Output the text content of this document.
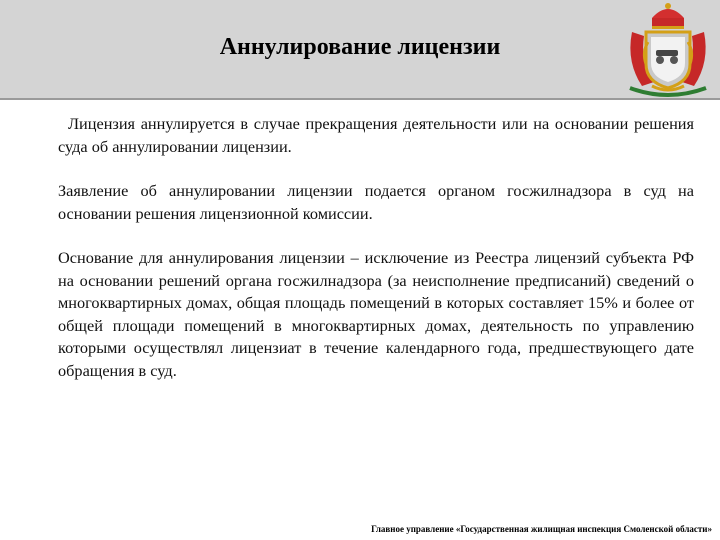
Аннулирование лицензии

Лицензия аннулируется в случае прекращения деятельности или на основании решения суда об аннулировании лицензии.

Заявление об аннулировании лицензии подается органом госжилнадзора в суд на основании решения лицензионной комиссии.

Основание для аннулирования лицензии – исключение из Реестра лицензий субъекта РФ на основании решений органа госжилнадзора (за неисполнение предписаний) сведений о многоквартирных домах, общая площадь помещений в которых составляет 15% и более от общей площади помещений в многоквартирных домах, деятельность по управлению которыми осуществлял лицензиат в течение календарного года, предшествующего дате обращения в суд.

Главное управление «Государственная жилищная инспекция Смоленской области»
